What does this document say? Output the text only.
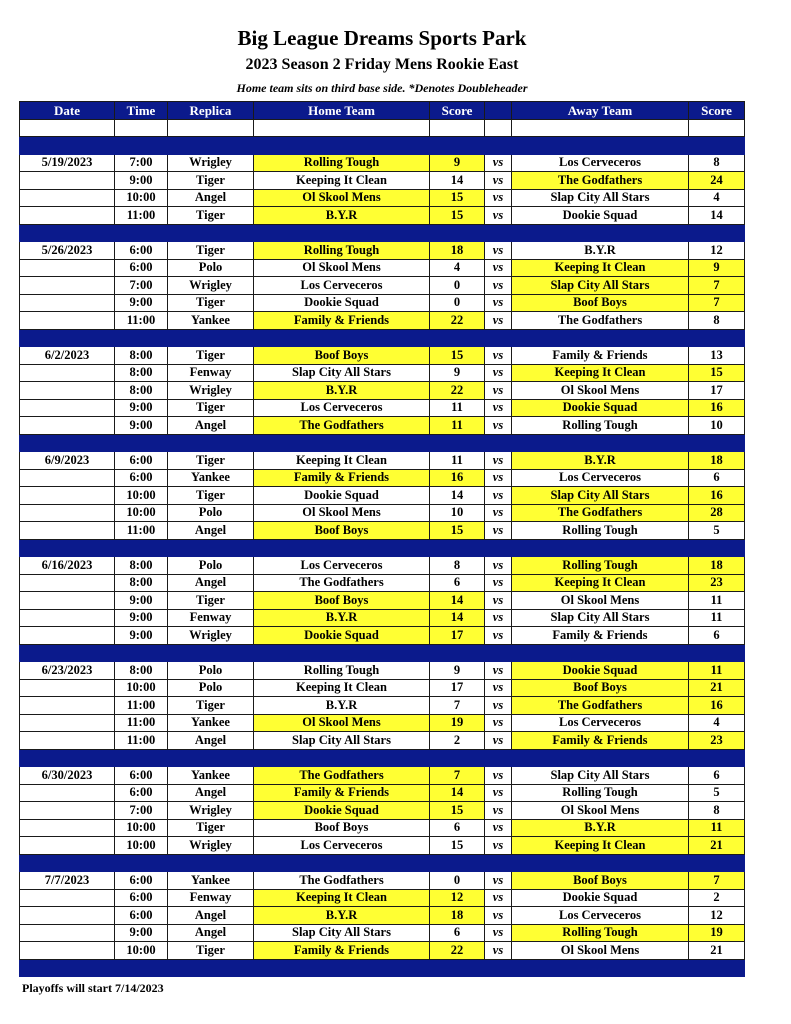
Big League Dreams Sports Park
2023 Season 2 Friday Mens Rookie East
Home team sits on third base side. *Denotes Doubleheader
Date	Time	Replica	Home Team	Score		Away Team	Score

5/19/2023	7:00	Wrigley	Rolling Tough	9	vs	Los Cerveceros	8
	9:00	Tiger	Keeping It Clean	14	vs	The Godfathers	24
	10:00	Angel	Ol Skool Mens	15	vs	Slap City All Stars	4
	11:00	Tiger	B.Y.R	15	vs	Dookie Squad	14

5/26/2023	6:00	Tiger	Rolling Tough	18	vs	B.Y.R	12
	6:00	Polo	Ol Skool Mens	4	vs	Keeping It Clean	9
	7:00	Wrigley	Los Cerveceros	0	vs	Slap City All Stars	7
	9:00	Tiger	Dookie Squad	0	vs	Boof Boys	7
	11:00	Yankee	Family & Friends	22	vs	The Godfathers	8

6/2/2023	8:00	Tiger	Boof Boys	15	vs	Family & Friends	13
	8:00	Fenway	Slap City All Stars	9	vs	Keeping It Clean	15
	8:00	Wrigley	B.Y.R	22	vs	Ol Skool Mens	17
	9:00	Tiger	Los Cerveceros	11	vs	Dookie Squad	16
	9:00	Angel	The Godfathers	11	vs	Rolling Tough	10

6/9/2023	6:00	Tiger	Keeping It Clean	11	vs	B.Y.R	18
	6:00	Yankee	Family & Friends	16	vs	Los Cerveceros	6
	10:00	Tiger	Dookie Squad	14	vs	Slap City All Stars	16
	10:00	Polo	Ol Skool Mens	10	vs	The Godfathers	28
	11:00	Angel	Boof Boys	15	vs	Rolling Tough	5

6/16/2023	8:00	Polo	Los Cerveceros	8	vs	Rolling Tough	18
	8:00	Angel	The Godfathers	6	vs	Keeping It Clean	23
	9:00	Tiger	Boof Boys	14	vs	Ol Skool Mens	11
	9:00	Fenway	B.Y.R	14	vs	Slap City All Stars	11
	9:00	Wrigley	Dookie Squad	17	vs	Family & Friends	6

6/23/2023	8:00	Polo	Rolling Tough	9	vs	Dookie Squad	11
	10:00	Polo	Keeping It Clean	17	vs	Boof Boys	21
	11:00	Tiger	B.Y.R	7	vs	The Godfathers	16
	11:00	Yankee	Ol Skool Mens	19	vs	Los Cerveceros	4
	11:00	Angel	Slap City All Stars	2	vs	Family & Friends	23

6/30/2023	6:00	Yankee	The Godfathers	7	vs	Slap City All Stars	6
	6:00	Angel	Family & Friends	14	vs	Rolling Tough	5
	7:00	Wrigley	Dookie Squad	15	vs	Ol Skool Mens	8
	10:00	Tiger	Boof Boys	6	vs	B.Y.R	11
	10:00	Wrigley	Los Cerveceros	15	vs	Keeping It Clean	21

7/7/2023	6:00	Yankee	The Godfathers	0	vs	Boof Boys	7
	6:00	Fenway	Keeping It Clean	12	vs	Dookie Squad	2
	6:00	Angel	B.Y.R	18	vs	Los Cerveceros	12
	9:00	Angel	Slap City All Stars	6	vs	Rolling Tough	19
	10:00	Tiger	Family & Friends	22	vs	Ol Skool Mens	21

Playoffs will start 7/14/2023
